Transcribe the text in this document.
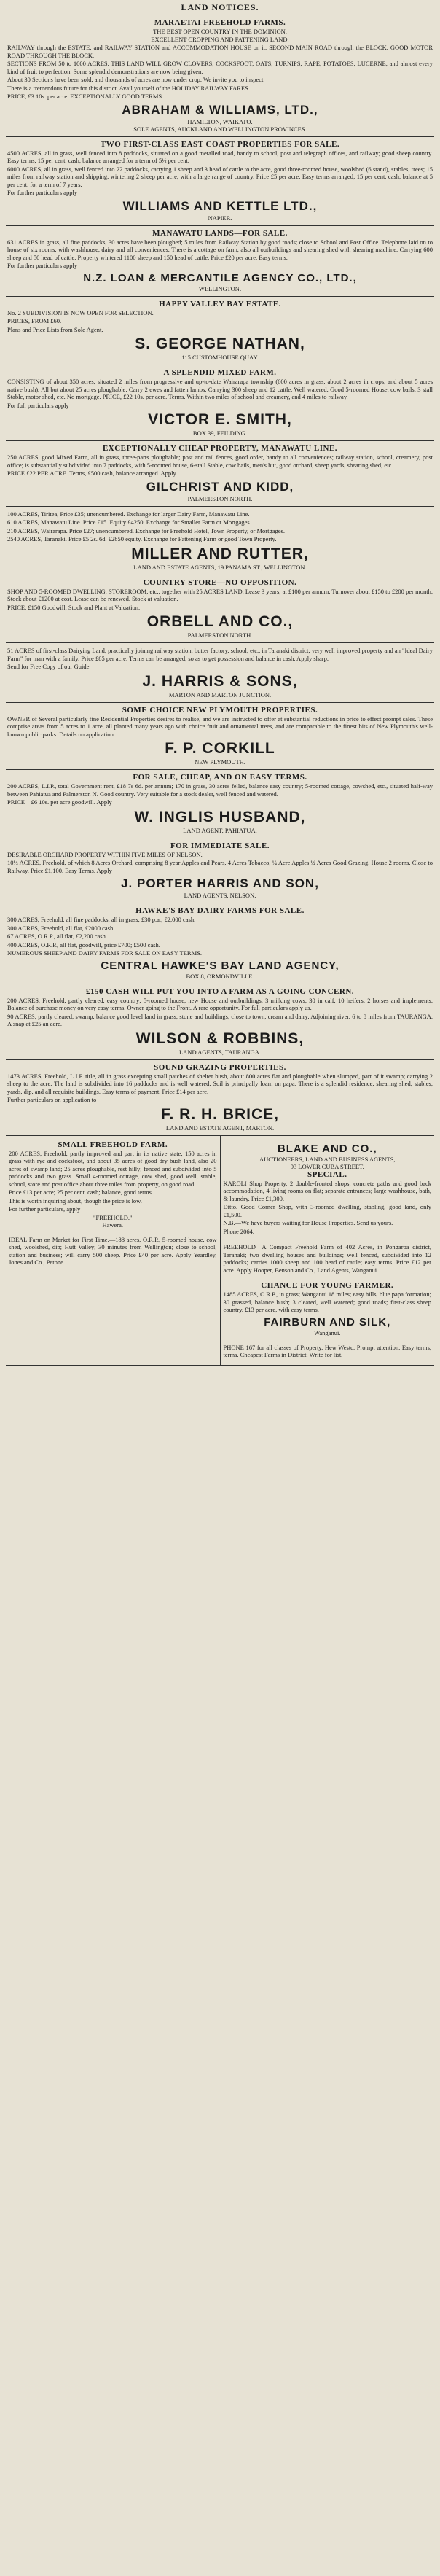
LAND NOTICES.
MARAETAI FREEHOLD FARMS.
THE BEST OPEN COUNTRY IN THE DOMINION.
EXCELLENT CROPPING AND FATTENING LAND.

RAILWAY through the ESTATE, and RAILWAY STATION and ACCOMMODATION HOUSE on it. SECOND MAIN ROAD through the BLOCK. GOOD MOTOR ROAD THROUGH THE BLOCK.

SECTIONS FROM 50 to 1000 ACRES. THIS LAND WILL GROW CLOVERS, COCKSFOOT, OATS, TURNIPS, RAPE, POTATOES, LUCERNE, and almost every kind of fruit to perfection. Some splendid demonstrations are now being given.

About 30 Sections have been sold, and thousands of acres are now under crop. We invite you to inspect.

There is a tremendous future for this district. Avail yourself of the HOLIDAY RAILWAY FARES.

PRICE, £3 10s. per acre. EXCEPTIONALLY GOOD TERMS.

ABRAHAM & WILLIAMS, LTD.,
HAMILTON, WAIKATO.
SOLE AGENTS, AUCKLAND AND WELLINGTON PROVINCES.
TWO FIRST-CLASS EAST COAST PROPERTIES FOR SALE.

4500 ACRES, all in grass, well fenced into 8 paddocks, situated on a good metalled road, handy to school, post and telegraph offices, and railway; good sheep country. Easy terms, 15 per cent. cash, balance arranged for a term of 5½ per cent.

6000 ACRES, all in grass, well fenced into 22 paddocks, carrying 1 sheep and 3 head of cattle to the acre, good three-roomed house, woolshed (6 stand), stables, trees; 15 miles from railway station and shipping, wintering 2 sheep per acre, with a large range of country. Price £5 per acre. Easy terms arranged; 15 per cent. cash, balance at 5 per cent. for a term of 7 years.

For further particulars apply

WILLIAMS AND KETTLE LTD.,
NAPIER.
MANAWATU LANDS—FOR SALE.

631 ACRES in grass, all fine paddocks, 30 acres have been ploughed; 5 miles from Railway Station by good roads; close to School and Post Office. Telephone laid on to house of six rooms, with washhouse, dairy and all conveniences. There is a cottage on farm, also all outbuildings and shearing shed with shearing machine. Carrying 600 sheep and 50 head of cattle. Property wintered 1100 sheep and 150 head of cattle. Price £20 per acre. Easy terms.

For further particulars apply

N.Z. LOAN & MERCANTILE AGENCY CO., LTD.,
WELLINGTON.
HAPPY VALLEY BAY ESTATE.

No. 2 SUBDIVISION IS NOW OPEN FOR SELECTION.

PRICES, FROM £60.

Plans and Price Lists from Sole Agent,

S. GEORGE NATHAN,
115 CUSTOMHOUSE QUAY.
A SPLENDID MIXED FARM.

CONSISTING of about 350 acres, situated 2 miles from progressive and up-to-date Wairarapa township (600 acres in grass, about 2 acres in crops, and about 5 acres native bush). All but about 25 acres ploughable. Carry 2 ewes and fatten lambs. Carrying 300 sheep and 12 cattle. Well watered. Good 5-roomed House, cow bails, 3 stall Stable, motor shed, etc. No mortgage. PRICE, £22 10s. per acre. Terms. Within two miles of school and creamery, and 4 miles to railway.

For full particulars apply

VICTOR E. SMITH,
BOX 39, FEILDING.
EXCEPTIONALLY CHEAP PROPERTY, MANAWATU LINE.

250 ACRES, good Mixed Farm, all in grass, three-parts ploughable; post and rail fences, good order, handy to all conveniences; railway station, school, creamery, post office; is substantially subdivided into 7 paddocks, with 5-roomed house, 6-stall Stable, cow bails, men's hut, good orchard, sheep yards, shearing shed, etc.

PRICE £22 PER ACRE. Terms, £500 cash, balance arranged. Apply

GILCHRIST AND KIDD,
PALMERSTON NORTH.

100 ACRES, Tiritea, Price £35; unencumbered. Exchange for larger Dairy Farm, Manawatu Line.

610 ACRES, Manawatu Line. Price £15. Equity £4250. Exchange for Smaller Farm or Mortgages.

210 ACRES, Wairarapa. Price £27; unencumbered. Exchange for Freehold Hotel, Town Property, or Mortgages.

2540 ACRES, Taranaki. Price £5 2s. 6d. £2850 equity. Exchange for Fattening Farm or good Town Property.

MILLER AND RUTTER,
LAND AND ESTATE AGENTS, 19 PANAMA ST., WELLINGTON.
COUNTRY STORE—NO OPPOSITION.

SHOP AND 5-ROOMED DWELLING, STOREROOM, etc., together with 25 ACRES LAND. Lease 3 years, at £100 per annum. Turnover about £150 to £200 per month. Stock about £1200 at cost. Lease can be renewed. Stock at valuation.

PRICE, £150 Goodwill, Stock and Plant at Valuation.

ORBELL AND CO.,
PALMERSTON NORTH.

51 ACRES of first-class Dairying Land, practically joining railway station, butter factory, school, etc., in Taranaki district; very well improved property and an "Ideal Dairy Farm" for man with a family. Price £85 per acre. Terms can be arranged, so as to get possession and balance in cash. Apply sharp.

Send for Free Copy of our Guide.

J. HARRIS & SONS,
MARTON AND MARTON JUNCTION.
SOME CHOICE NEW PLYMOUTH PROPERTIES.

OWNER of Several particularly fine Residential Properties desires to realise, and we are instructed to offer at substantial reductions in price to effect prompt sales. These comprise areas from 5 acres to 1 acre, all planted many years ago with choice fruit and ornamental trees, and are comparable to the finest bits of New Plymouth's well-known public parks. Details on application.

F. P. CORKILL
NEW PLYMOUTH.
FOR SALE, CHEAP, AND ON EASY TERMS.

200 ACRES, L.I.P., total Government rent, £18 7s 6d. per annum; 170 in grass, 30 acres felled, balance easy country; 5-roomed cottage, cowshed, etc., situated half-way between Pahiatua and Palmerston N. Good country. Very suitable for a stock dealer, well fenced and watered.

PRICE—£6 10s. per acre goodwill. Apply

W. INGLIS HUSBAND,
LAND AGENT, PAHIATUA.
FOR IMMEDIATE SALE.

DESIRABLE ORCHARD PROPERTY WITHIN FIVE MILES OF NELSON.

10½ ACRES, Freehold, of which 8 Acres Orchard, comprising 8 year Apples and Pears, 4 Acres Tobacco, ¼ Acre Apples ½ Acres Good Grazing. House 2 rooms. Close to Railway. Price £1,100. Easy Terms. Apply

J. PORTER HARRIS AND SON,
LAND AGENTS, NELSON.
HAWKE'S BAY DAIRY FARMS FOR SALE.

300 ACRES, Freehold, all fine paddocks, all in grass, £30 p.a.; £2,000 cash.

300 ACRES, Freehold, all flat, £2000 cash.

67 ACRES, O.R.P., all flat, £2,200 cash.

400 ACRES, O.R.P., all flat, goodwill, price £700; £500 cash.

NUMEROUS SHEEP AND DAIRY FARMS FOR SALE ON EASY TERMS.

CENTRAL HAWKE'S BAY LAND AGENCY,
BOX 8, ORMONDVILLE.
£150 CASH WILL PUT YOU INTO A FARM AS A GOING CONCERN.

200 ACRES, Freehold, partly cleared, easy country; 5-roomed house, new House and outbuildings, 3 milking cows, 30 in calf, 10 heifers, 2 horses and implements. Balance of purchase money on very easy terms. Owner going to the Front. A rare opportunity. For full particulars apply us.

90 ACRES, partly cleared, swamp, balance good level land in grass, stone and buildings, close to town, cream and dairy. Adjoining river. 6 to 8 miles from TAURANGA. A snap at £25 an acre.

WILSON & ROBBINS,
LAND AGENTS, TAURANGA.
SOUND GRAZING PROPERTIES.

1473 ACRES, Freehold, L.I.P. title, all in grass excepting small patches of shelter bush, about 800 acres flat and ploughable when slumped, part of it swamp; carrying 2 sheep to the acre. The land is subdivided into 16 paddocks and is well watered. Soil is principally loam on papa. There is a splendid residence, shearing shed, stables, yards, dip, and all requisite buildings. Easy terms of payment. Price £14 per acre.

Further particulars on application to

F. R. H. BRICE,
LAND AND ESTATE AGENT, MARTON.
SMALL FREEHOLD FARM.

200 ACRES, Freehold, partly improved and part in its native state; 150 acres in grass with rye and cocksfoot, and about 35 acres of good dry bush land, also 20 acres of swamp land; 25 acres ploughable, rest hilly; fenced and subdivided into 5 paddocks and two grass. Small 4-roomed cottage, cow shed, good well, stable, school, store and post office about three miles from property, on good road.

Price £13 per acre; 25 per cent. cash; balance, good terms.

This is worth inquiring about, though the price is low.

For further particulars, apply

"FREEHOLD."
Hawera.

IDEAL Farm on Market for First Time.—188 acres, O.R.P., 5-roomed house, cow shed, woolshed, dip; Hutt Valley; 30 minutes from Wellington; close to school, station and business; will carry 500 sheep. Price £40 per acre. Apply Yeardley, Jones and Co., Petone.

BLAKE AND CO.,
AUCTIONEERS, LAND AND BUSINESS AGENTS,
93 LOWER CUBA STREET.
SPECIAL.

KAROLI Shop Property, 2 double-fronted shops, concrete paths and good back accommodation, 4 living rooms on flat; separate entrances; large washhouse, bath, & laundry. Price £1,300.

Ditto. Good Corner Shop, with 3-roomed dwelling, stabling, good land, only £1,500.

N.B.—We have buyers waiting for House Properties. Send us yours.

Phone 2064.

FREEHOLD—A Compact Freehold Farm of 402 Acres, in Pongaroa district, Taranaki; two dwelling houses and buildings; well fenced, subdivided into 12 paddocks; carries 1000 sheep and 100 head of cattle; easy terms. Price £12 per acre. Apply Hooper, Benson and Co., Land Agents, Wanganui.

CHANCE FOR YOUNG FARMER.

1485 ACRES, O.R.P., in grass; Wanganui 18 miles; easy hills, blue papa formation; 30 grassed, balance bush; 3 cleared, well watered; good roads; first-class sheep country. £13 per acre, with easy terms.

FAIRBURN AND SILK,
Wanganui.

PHONE 167 for all classes of Property. Hew Westc. Prompt attention. Easy terms, terms. Cheapest Farms in District. Write for list.
